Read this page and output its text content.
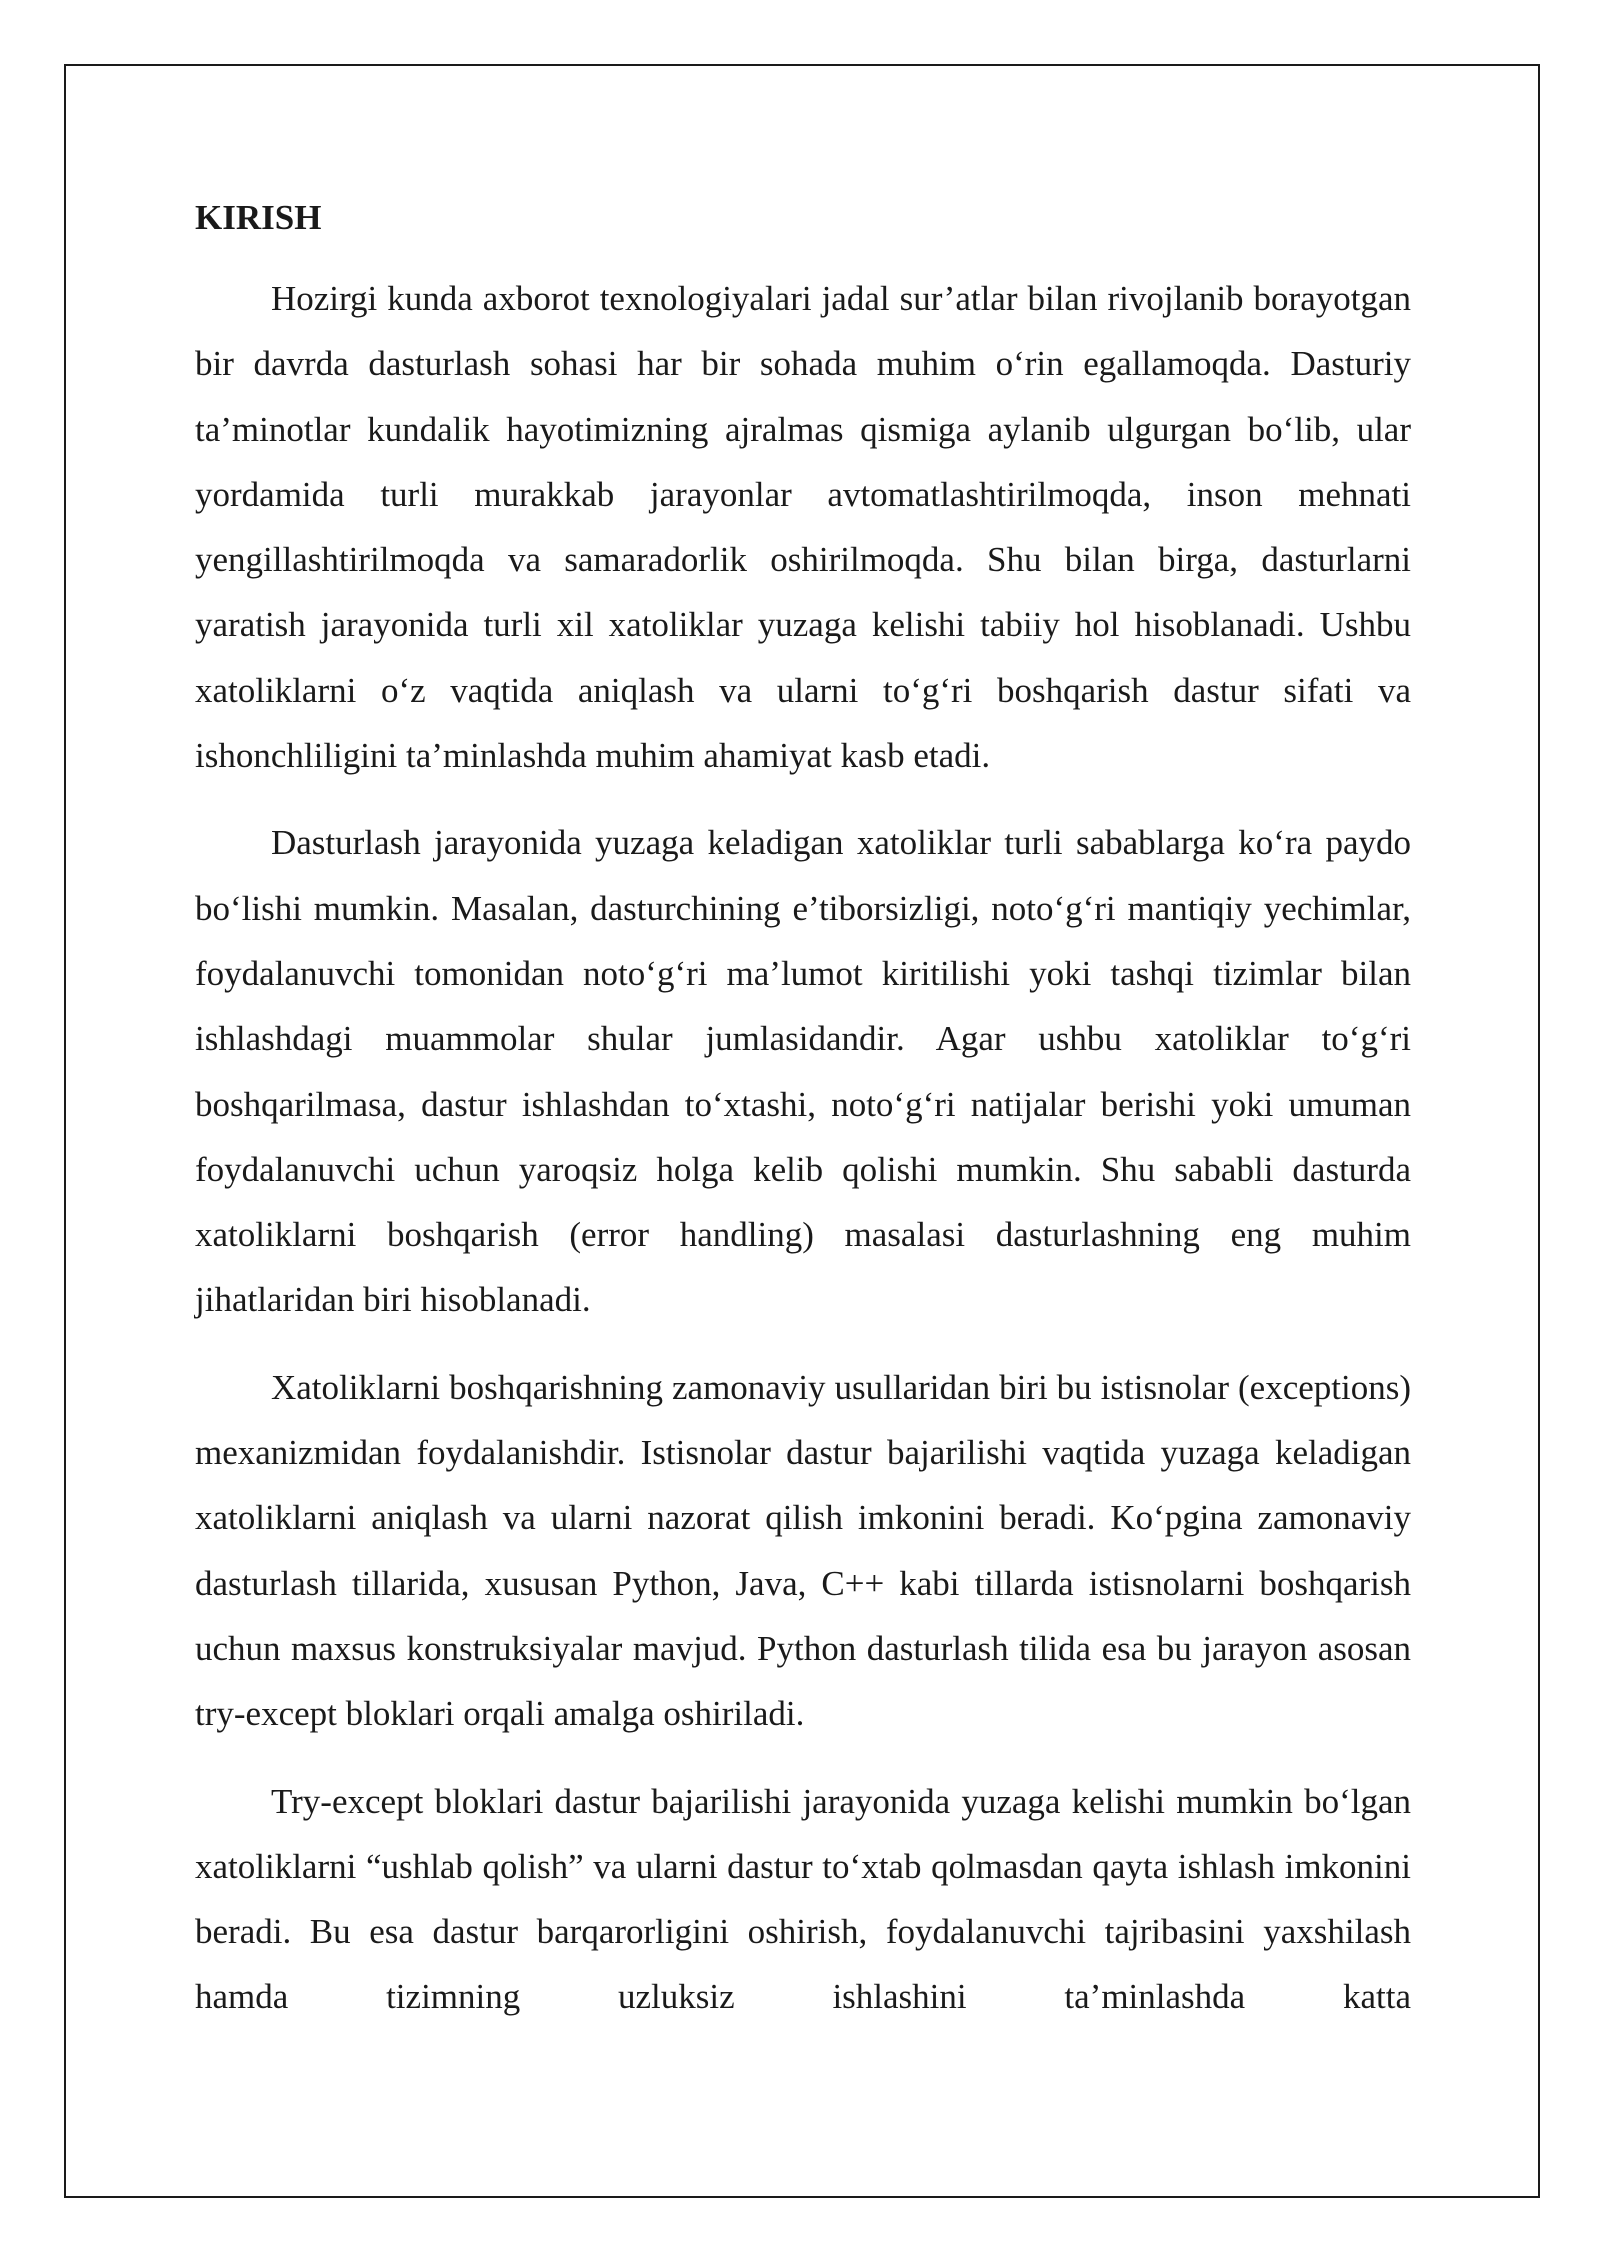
KIRISH

Hozirgi kunda axborot texnologiyalari jadal sur’atlar bilan rivojlanib borayotgan bir davrda dasturlash sohasi har bir sohada muhim o‘rin egallamoqda. Dasturiy ta’minotlar kundalik hayotimizning ajralmas qismiga aylanib ulgurgan bo‘lib, ular yordamida turli murakkab jarayonlar avtomatlashtirilmoqda, inson mehnati yengillashtirilmoqda va samaradorlik oshirilmoqda. Shu bilan birga, dasturlarni yaratish jarayonida turli xil xatoliklar yuzaga kelishi tabiiy hol hisoblanadi. Ushbu xatoliklarni o‘z vaqtida aniqlash va ularni to‘g‘ri boshqarish dastur sifati va ishonchliligini ta’minlashda muhim ahamiyat kasb etadi.

Dasturlash jarayonida yuzaga keladigan xatoliklar turli sabablarga ko‘ra paydo bo‘lishi mumkin. Masalan, dasturchining e’tiborsizligi, noto‘g‘ri mantiqiy yechimlar, foydalanuvchi tomonidan noto‘g‘ri ma’lumot kiritilishi yoki tashqi tizimlar bilan ishlashdagi muammolar shular jumlasidandir. Agar ushbu xatoliklar to‘g‘ri boshqarilmasa, dastur ishlashdan to‘xtashi, noto‘g‘ri natijalar berishi yoki umuman foydalanuvchi uchun yaroqsiz holga kelib qolishi mumkin. Shu sababli dasturda xatoliklarni boshqarish (error handling) masalasi dasturlashning eng muhim jihatlaridan biri hisoblanadi.

Xatoliklarni boshqarishning zamonaviy usullaridan biri bu istisnolar (exceptions) mexanizmidan foydalanishdir. Istisnolar dastur bajarilishi vaqtida yuzaga keladigan xatoliklarni aniqlash va ularni nazorat qilish imkonini beradi. Ko‘pgina zamonaviy dasturlash tillarida, xususan Python, Java, C++ kabi tillarda istisnolarni boshqarish uchun maxsus konstruksiyalar mavjud. Python dasturlash tilida esa bu jarayon asosan try-except bloklari orqali amalga oshiriladi.

Try-except bloklari dastur bajarilishi jarayonida yuzaga kelishi mumkin bo‘lgan xatoliklarni “ushlab qolish” va ularni dastur to‘xtab qolmasdan qayta ishlash imkonini beradi. Bu esa dastur barqarorligini oshirish, foydalanuvchi tajribasini yaxshilash hamda tizimning uzluksiz ishlashini ta’minlashda katta
